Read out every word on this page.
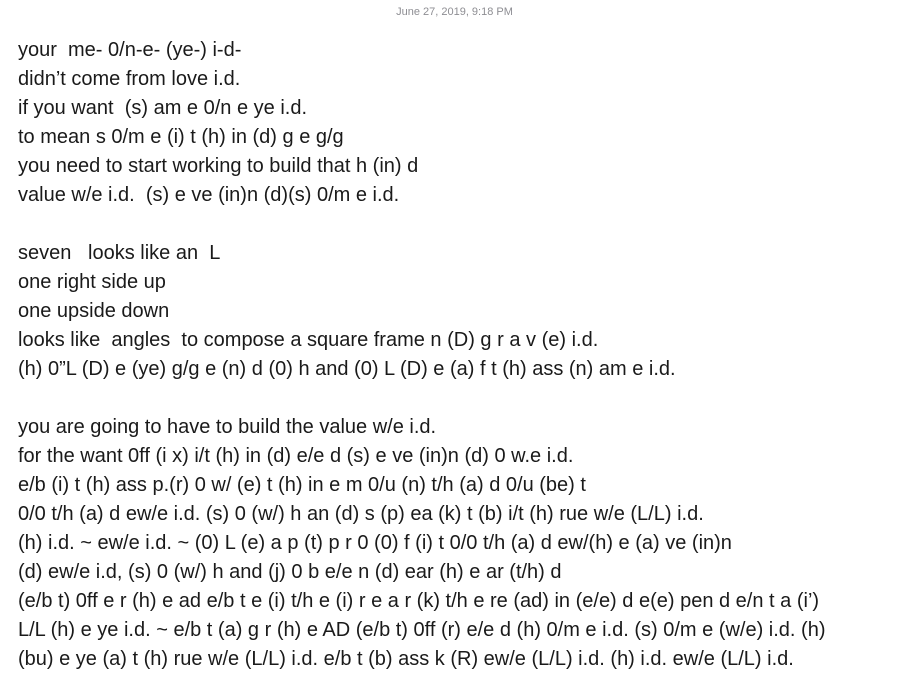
June 27, 2019, 9:18 PM
your  me- 0/n-e- (ye-) i-d-
didn’t come from love i.d.
if you want  (s) am e 0/n e ye i.d.
to mean s 0/m e (i) t (h) in (d) g e g/g
you need to start working to build that h (in) d
value w/e i.d.  (s) e ve (in)n (d)(s) 0/m e i.d.
seven   looks like an  L
one right side up
one upside down
looks like  angles  to compose a square frame n (D) g r a v (e) i.d.
(h) 0”L (D) e (ye) g/g e (n) d (0) h and (0) L (D) e (a) f t (h) ass (n) am e i.d.
you are going to have to build the value w/e i.d.
for the want 0ff (i x) i/t (h) in (d) e/e d (s) e ve (in)n (d) 0 w.e i.d.
e/b (i) t (h) ass p.(r) 0 w/ (e) t (h) in e m 0/u (n) t/h (a) d 0/u (be) t
0/0 t/h (a) d ew/e i.d. (s) 0 (w/) h an (d) s (p) ea (k) t (b) i/t (h) rue w/e (L/L) i.d.
(h) i.d. ~ ew/e i.d. ~ (0) L (e) a p (t) p r 0 (0) f (i) t 0/0 t/h (a) d ew/(h) e (a) ve (in)n
(d) ew/e i.d, (s) 0 (w/) h and (j) 0 b e/e n (d) ear (h) e ar (t/h) d
(e/b t) 0ff e r (h) e ad e/b t e (i) t/h e (i) r e a r (k) t/h e re (ad) in (e/e) d e(e) pen d e/n t a (i’)
L/L (h) e ye i.d. ~ e/b t (a) g r (h) e AD (e/b t) 0ff (r) e/e d (h) 0/m e i.d. (s) 0/m e (w/e) i.d. (h)
(bu) e ye (a) t (h) rue w/e (L/L) i.d. e/b t (b) ass k (R) ew/e (L/L) i.d. (h) i.d. ew/e (L/L) i.d.
